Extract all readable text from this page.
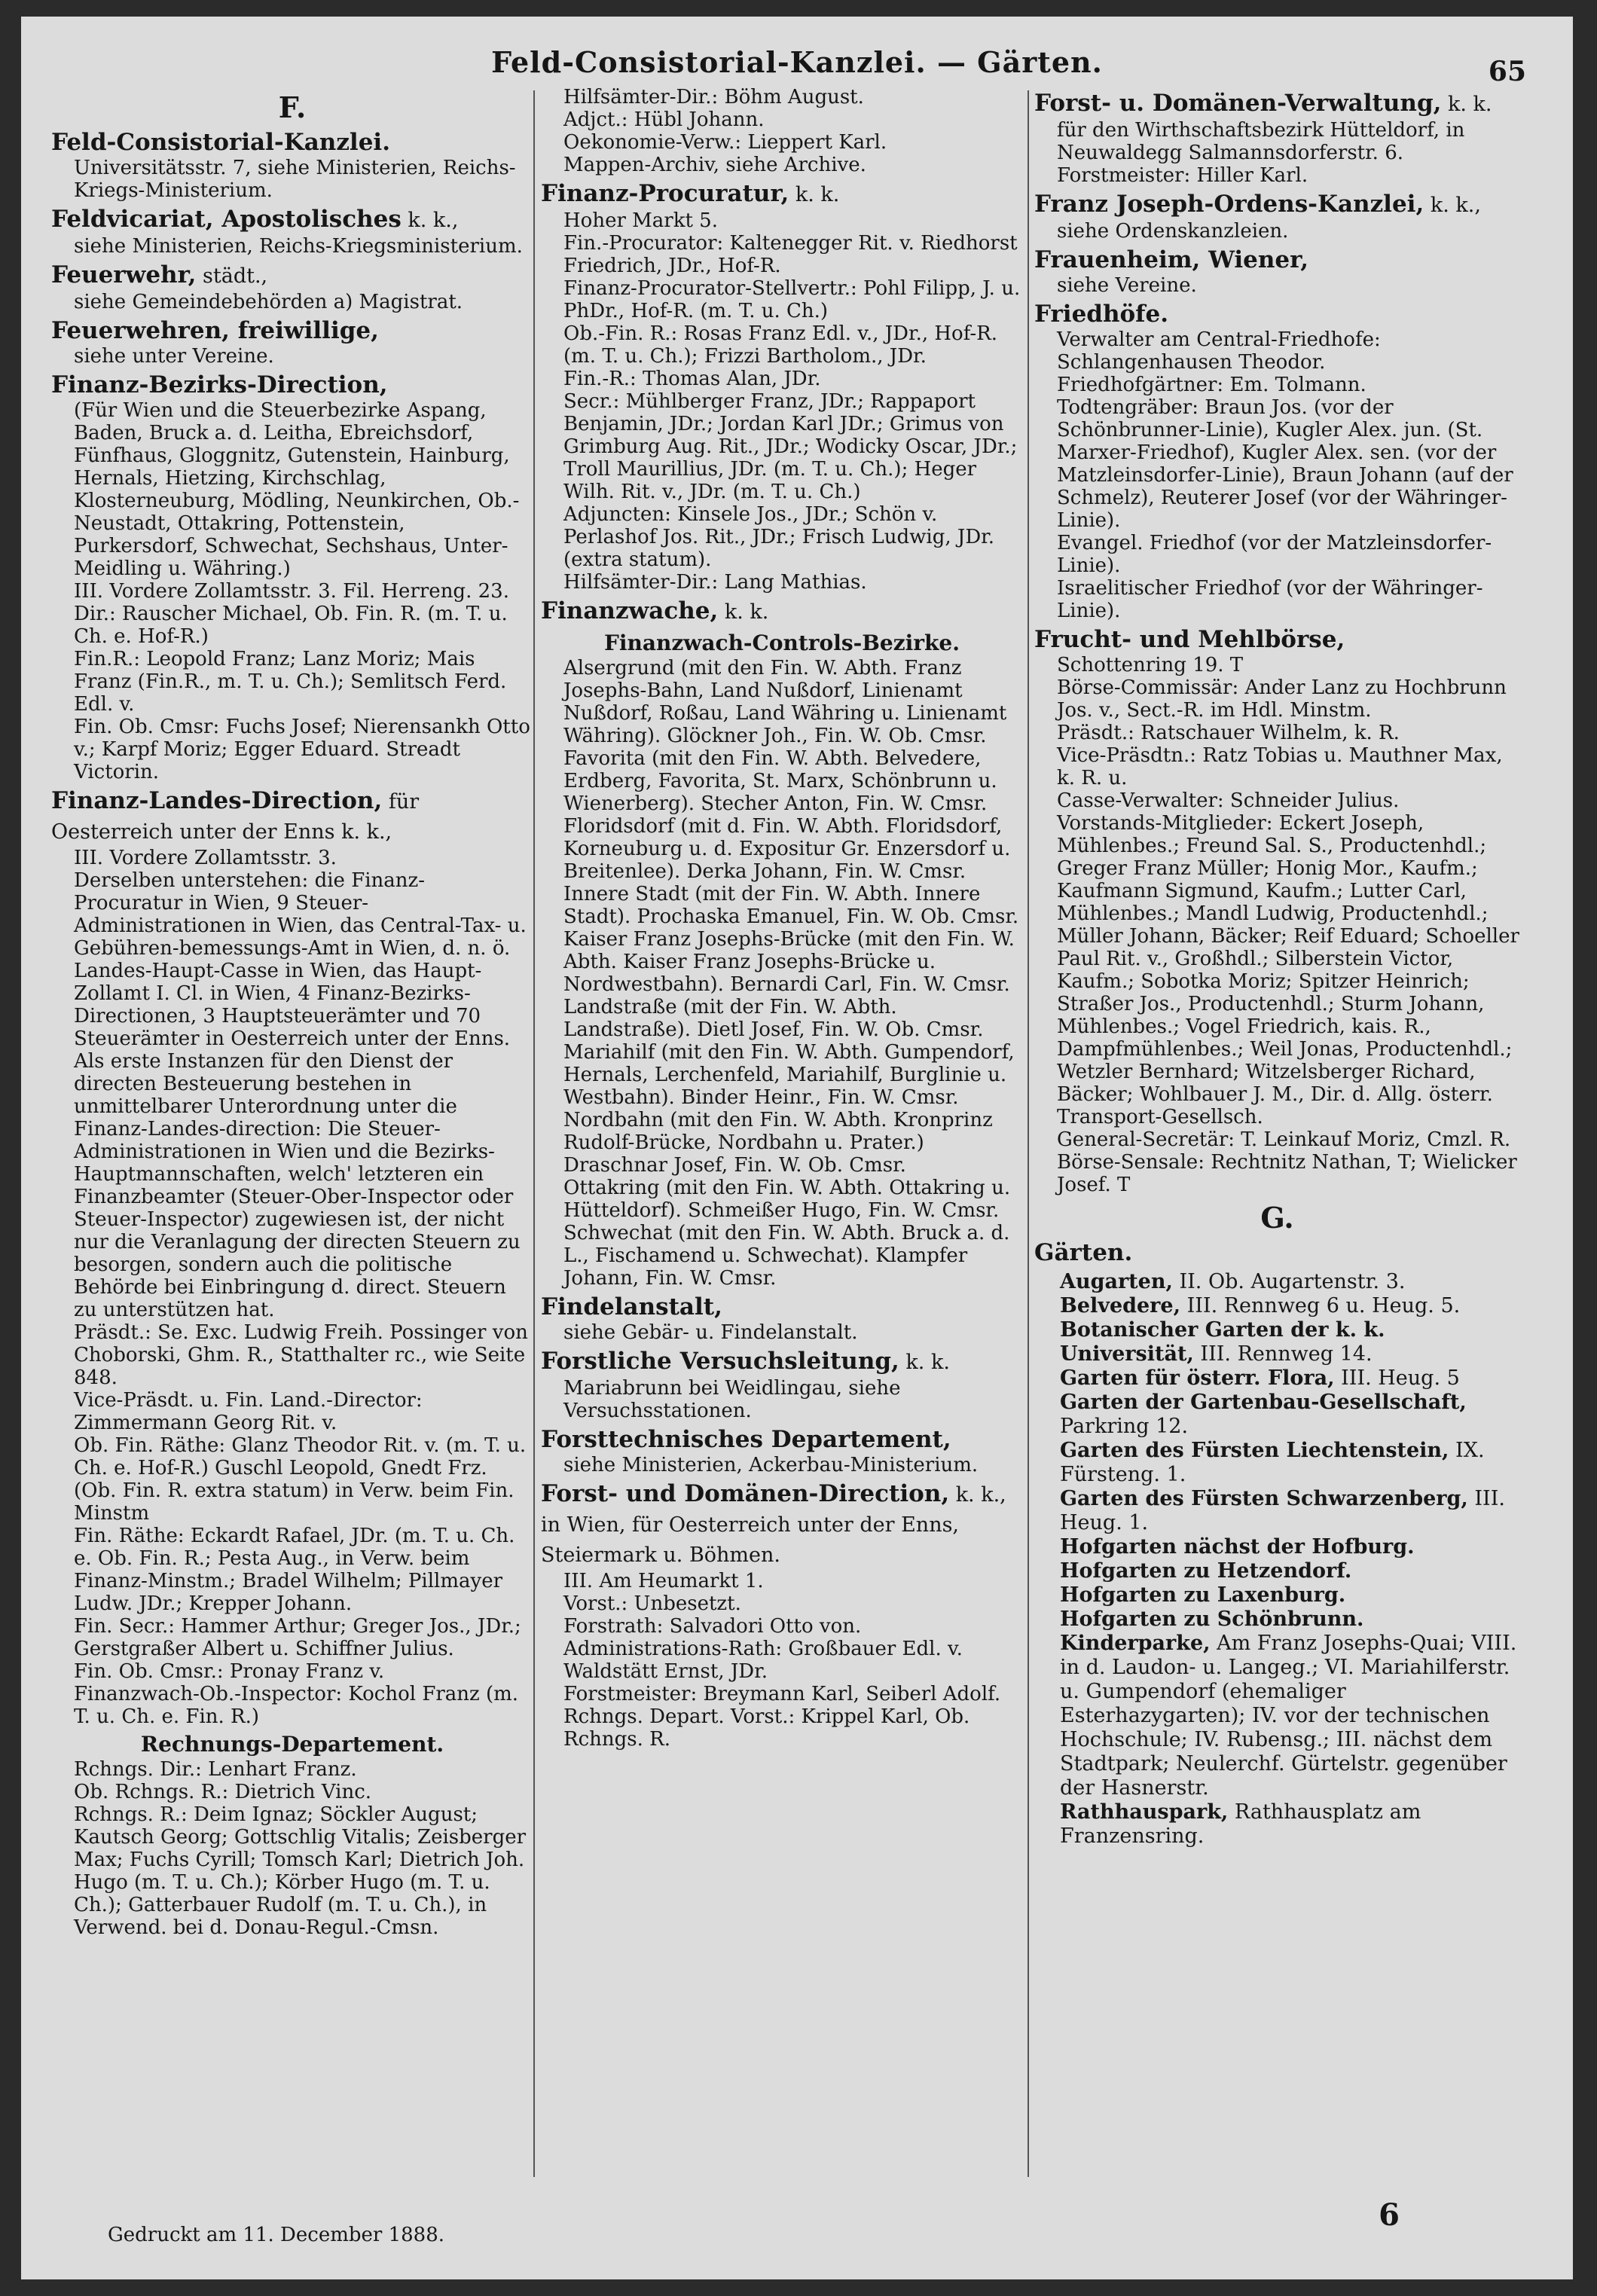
Feld-Consistorial-Kanzlei. — Gärten.	65
F.
Feld-Consistorial-Kanzlei.
Universitätsstr. 7, siehe Ministerien, Reichs-Kriegs-Ministerium.
Feldvicariat, Apostolisches k. k.,
siehe Ministerien, Reichs-Kriegsministerium.
Feuerwehr, städt.,
siehe Gemeindebehörden a) Magistrat.
Feuerwehren, freiwillige,
siehe unter Vereine.
Finanz-Bezirks-Direction,
(Für Wien und die Steuerbezirke Aspang, Baden, Bruck a. d. Leitha, Ebreichsdorf, Fünfhaus, Gloggnitz, Gutenstein, Hainburg, Hernals, Hietzing, Kirchschlag, Klosterneuburg, Mödling, Neunkirchen, Ob.-Neustadt, Ottakring, Pottenstein, Purkersdorf, Schwechat, Sechshaus, Unter-Meidling u. Währing.)
III. Vordere Zollamtsstr. 3. Fil. Herreng. 23.
Dir.: Rauscher Michael, Ob. Fin. R. (m. T. u. Ch. e. Hof-R.)
Fin.R.: Leopold Franz; Lanz Moriz; Mais Franz (Fin.R., m. T. u. Ch.); Semlitsch Ferd. Edl. v.
Fin. Ob. Cmsr: Fuchs Josef; Nierensankh Otto v.; Karpf Moriz; Egger Eduard. Streadt Victorin.
Finanz-Landes-Direction, für Oesterreich unter der Enns k. k.,
III. Vordere Zollamtsstr. 3.
Derselben unterstehen: die Finanz-Procuratur in Wien, 9 Steuer-Administrationen in Wien, das Central-Tax- u. Gebühren-bemessungs-Amt in Wien, d. n. ö. Landes-Haupt-Casse in Wien, das Haupt-Zollamt I. Cl. in Wien, 4 Finanz-Bezirks-Directionen, 3 Hauptsteuerämter und 70 Steuerämter in Oesterreich unter der Enns. Als erste Instanzen für den Dienst der directen Besteuerung bestehen in unmittelbarer Unterordnung unter die Finanz-Landes-direction: Die Steuer-Administrationen in Wien und die Bezirks-Hauptmannschaften, welch' letzteren ein Finanzbeamter (Steuer-Ober-Inspector oder Steuer-Inspector) zugewiesen ist, der nicht nur die Veranlagung der directen Steuern zu besorgen, sondern auch die politische Behörde bei Einbringung d. direct. Steuern zu unterstützen hat.
Präsdt.: Se. Exc. Ludwig Freih. Possinger von Choborski, Ghm. R., Statthalter rc., wie Seite 848.
Vice-Präsdt. u. Fin. Land.-Director: Zimmermann Georg Rit. v.
Ob. Fin. Räthe: Glanz Theodor Rit. v. (m. T. u. Ch. e. Hof-R.) Guschl Leopold, Gnedt Frz. (Ob. Fin. R. extra statum) in Verw. beim Fin. Minstm
Fin. Räthe: Eckardt Rafael, JDr. (m. T. u. Ch. e. Ob. Fin. R.; Pesta Aug., in Verw. beim Finanz-Minstm.; Bradel Wilhelm; Pillmayer Ludw. JDr.; Krepper Johann.
Fin. Secr.: Hammer Arthur; Greger Jos., JDr.; Gerstgraßer Albert u. Schiffner Julius.
Fin. Ob. Cmsr.: Pronay Franz v.
Finanzwach-Ob.-Inspector: Kochol Franz (m. T. u. Ch. e. Fin. R.)
Rechnungs-Departement.
Rchngs. Dir.: Lenhart Franz.
Ob. Rchngs. R.: Dietrich Vinc.
Rchngs. R.: Deim Ignaz; Söckler August; Kautsch Georg; Gottschlig Vitalis; Zeisberger Max; Fuchs Cyrill; Tomsch Karl; Dietrich Joh. Hugo (m. T. u. Ch.); Körber Hugo (m. T. u. Ch.); Gatterbauer Rudolf (m. T. u. Ch.), in Verwend. bei d. Donau-Regul.-Cmsn.
Hilfsämter-Dir.: Böhm August.
Adjct.: Hübl Johann.
Oekonomie-Verw.: Lieppert Karl.
Mappen-Archiv, siehe Archive.
Finanz-Procuratur, k. k.
Hoher Markt 5.
Fin.-Procurator: Kaltenegger Rit. v. Riedhorst Friedrich, JDr., Hof-R.
Finanz-Procurator-Stellvertr.: Pohl Filipp, J. u. PhDr., Hof-R. (m. T. u. Ch.)
Ob.-Fin. R.: Rosas Franz Edl. v., JDr., Hof-R. (m. T. u. Ch.); Frizzi Bartholom., JDr.
Fin.-R.: Thomas Alan, JDr.
Secr.: Mühlberger Franz, JDr.; Rappaport Benjamin, JDr.; Jordan Karl JDr.; Grimus von Grimburg Aug. Rit., JDr.; Wodicky Oscar, JDr.; Troll Maurillius, JDr. (m. T. u. Ch.); Heger Wilh. Rit. v., JDr. (m. T. u. Ch.)
Adjuncten: Kinsele Jos., JDr.; Schön v. Perlashof Jos. Rit., JDr.; Frisch Ludwig, JDr. (extra statum).
Hilfsämter-Dir.: Lang Mathias.
Finanzwache, k. k.
Finanzwach-Controls-Bezirke.
Alsergrund (mit den Fin. W. Abth. Franz Josephs-Bahn, Land Nußdorf, Linienamt Nußdorf, Roßau, Land Währing u. Linienamt Währing). Glöckner Joh., Fin. W. Ob. Cmsr.
Favorita (mit den Fin. W. Abth. Belvedere, Erdberg, Favorita, St. Marx, Schönbrunn u. Wienerberg). Stecher Anton, Fin. W. Cmsr.
Floridsdorf (mit d. Fin. W. Abth. Floridsdorf, Korneuburg u. d. Expositur Gr. Enzersdorf u. Breitenlee). Derka Johann, Fin. W. Cmsr.
Innere Stadt (mit der Fin. W. Abth. Innere Stadt). Prochaska Emanuel, Fin. W. Ob. Cmsr.
Kaiser Franz Josephs-Brücke (mit den Fin. W. Abth. Kaiser Franz Josephs-Brücke u. Nordwestbahn). Bernardi Carl, Fin. W. Cmsr.
Landstraße (mit der Fin. W. Abth. Landstraße). Dietl Josef, Fin. W. Ob. Cmsr.
Mariahilf (mit den Fin. W. Abth. Gumpendorf, Hernals, Lerchenfeld, Mariahilf, Burglinie u. Westbahn). Binder Heinr., Fin. W. Cmsr.
Nordbahn (mit den Fin. W. Abth. Kronprinz Rudolf-Brücke, Nordbahn u. Prater.) Draschnar Josef, Fin. W. Ob. Cmsr.
Ottakring (mit den Fin. W. Abth. Ottakring u. Hütteldorf). Schmeißer Hugo, Fin. W. Cmsr.
Schwechat (mit den Fin. W. Abth. Bruck a. d. L., Fischamend u. Schwechat). Klampfer Johann, Fin. W. Cmsr.
Findelanstalt,
siehe Gebär- u. Findelanstalt.
Forstliche Versuchsleitung, k. k.
Mariabrunn bei Weidlingau, siehe Versuchsstationen.
Forsttechnisches Departement,
siehe Ministerien, Ackerbau-Ministerium.
Forst- und Domänen-Direction, k. k., in Wien, für Oesterreich unter der Enns, Steiermark u. Böhmen.
III. Am Heumarkt 1.
Vorst.: Unbesetzt.
Forstrath: Salvadori Otto von.
Administrations-Rath: Großbauer Edl. v. Waldstätt Ernst, JDr.
Forstmeister: Breymann Karl, Seiberl Adolf.
Rchngs. Depart. Vorst.: Krippel Karl, Ob. Rchngs. R.
Forst- u. Domänen-Verwaltung, k. k.
für den Wirthschaftsbezirk Hütteldorf, in Neuwaldegg Salmannsdorferstr. 6.
Forstmeister: Hiller Karl.
Franz Joseph-Ordens-Kanzlei, k. k.,
siehe Ordenskanzleien.
Frauenheim, Wiener,
siehe Vereine.
Friedhöfe.
Verwalter am Central-Friedhofe: Schlangenhausen Theodor.
Friedhofgärtner: Em. Tolmann.
Todtengräber: Braun Jos. (vor der Schönbrunner-Linie), Kugler Alex. jun. (St. Marxer-Friedhof), Kugler Alex. sen. (vor der Matzleinsdorfer-Linie), Braun Johann (auf der Schmelz), Reuterer Josef (vor der Währinger-Linie).
Evangel. Friedhof (vor der Matzleinsdorfer-Linie).
Israelitischer Friedhof (vor der Währinger-Linie).
Frucht- und Mehlbörse,
Schottenring 19. T
Börse-Commissär: Ander Lanz zu Hochbrunn Jos. v., Sect.-R. im Hdl. Minstm.
Präsdt.: Ratschauer Wilhelm, k. R.
Vice-Präsdtn.: Ratz Tobias u. Mauthner Max, k. R. u.
Casse-Verwalter: Schneider Julius.
Vorstands-Mitglieder: Eckert Joseph, Mühlenbes.; Freund Sal. S., Productenhdl.; Greger Franz Müller; Honig Mor., Kaufm.; Kaufmann Sigmund, Kaufm.; Lutter Carl, Mühlenbes.; Mandl Ludwig, Productenhdl.; Müller Johann, Bäcker; Reif Eduard; Schoeller Paul Rit. v., Großhdl.; Silberstein Victor, Kaufm.; Sobotka Moriz; Spitzer Heinrich; Straßer Jos., Productenhdl.; Sturm Johann, Mühlenbes.; Vogel Friedrich, kais. R., Dampfmühlenbes.; Weil Jonas, Productenhdl.; Wetzler Bernhard; Witzelsberger Richard, Bäcker; Wohlbauer J. M., Dir. d. Allg. österr. Transport-Gesellsch.
General-Secretär: T. Leinkauf Moriz, Cmzl. R.
Börse-Sensale: Rechtnitz Nathan, T; Wielicker Josef. T
G.
Gärten.
Augarten, II. Ob. Augartenstr. 3.
Belvedere, III. Rennweg 6 u. Heug. 5.
Botanischer Garten der k. k. Universität, III. Rennweg 14.
Garten für österr. Flora, III. Heug. 5
Garten der Gartenbau-Gesellschaft, Parkring 12.
Garten des Fürsten Liechtenstein, IX. Fürsteng. 1.
Garten des Fürsten Schwarzenberg, III. Heug. 1.
Hofgarten nächst der Hofburg.
Hofgarten zu Hetzendorf.
Hofgarten zu Laxenburg.
Hofgarten zu Schönbrunn.
Kinderparke, Am Franz Josephs-Quai; VIII. in d. Laudon- u. Langeg.; VI. Mariahilferstr. u. Gumpendorf (ehemaliger Esterhazygarten); IV. vor der technischen Hochschule; IV. Rubensg.; III. nächst dem Stadtpark; Neulerchf. Gürtelstr. gegenüber der Hasnerstr.
Rathhauspark, Rathhausplatz am Franzensring.
Gedruckt am 11. December 1888.
6
